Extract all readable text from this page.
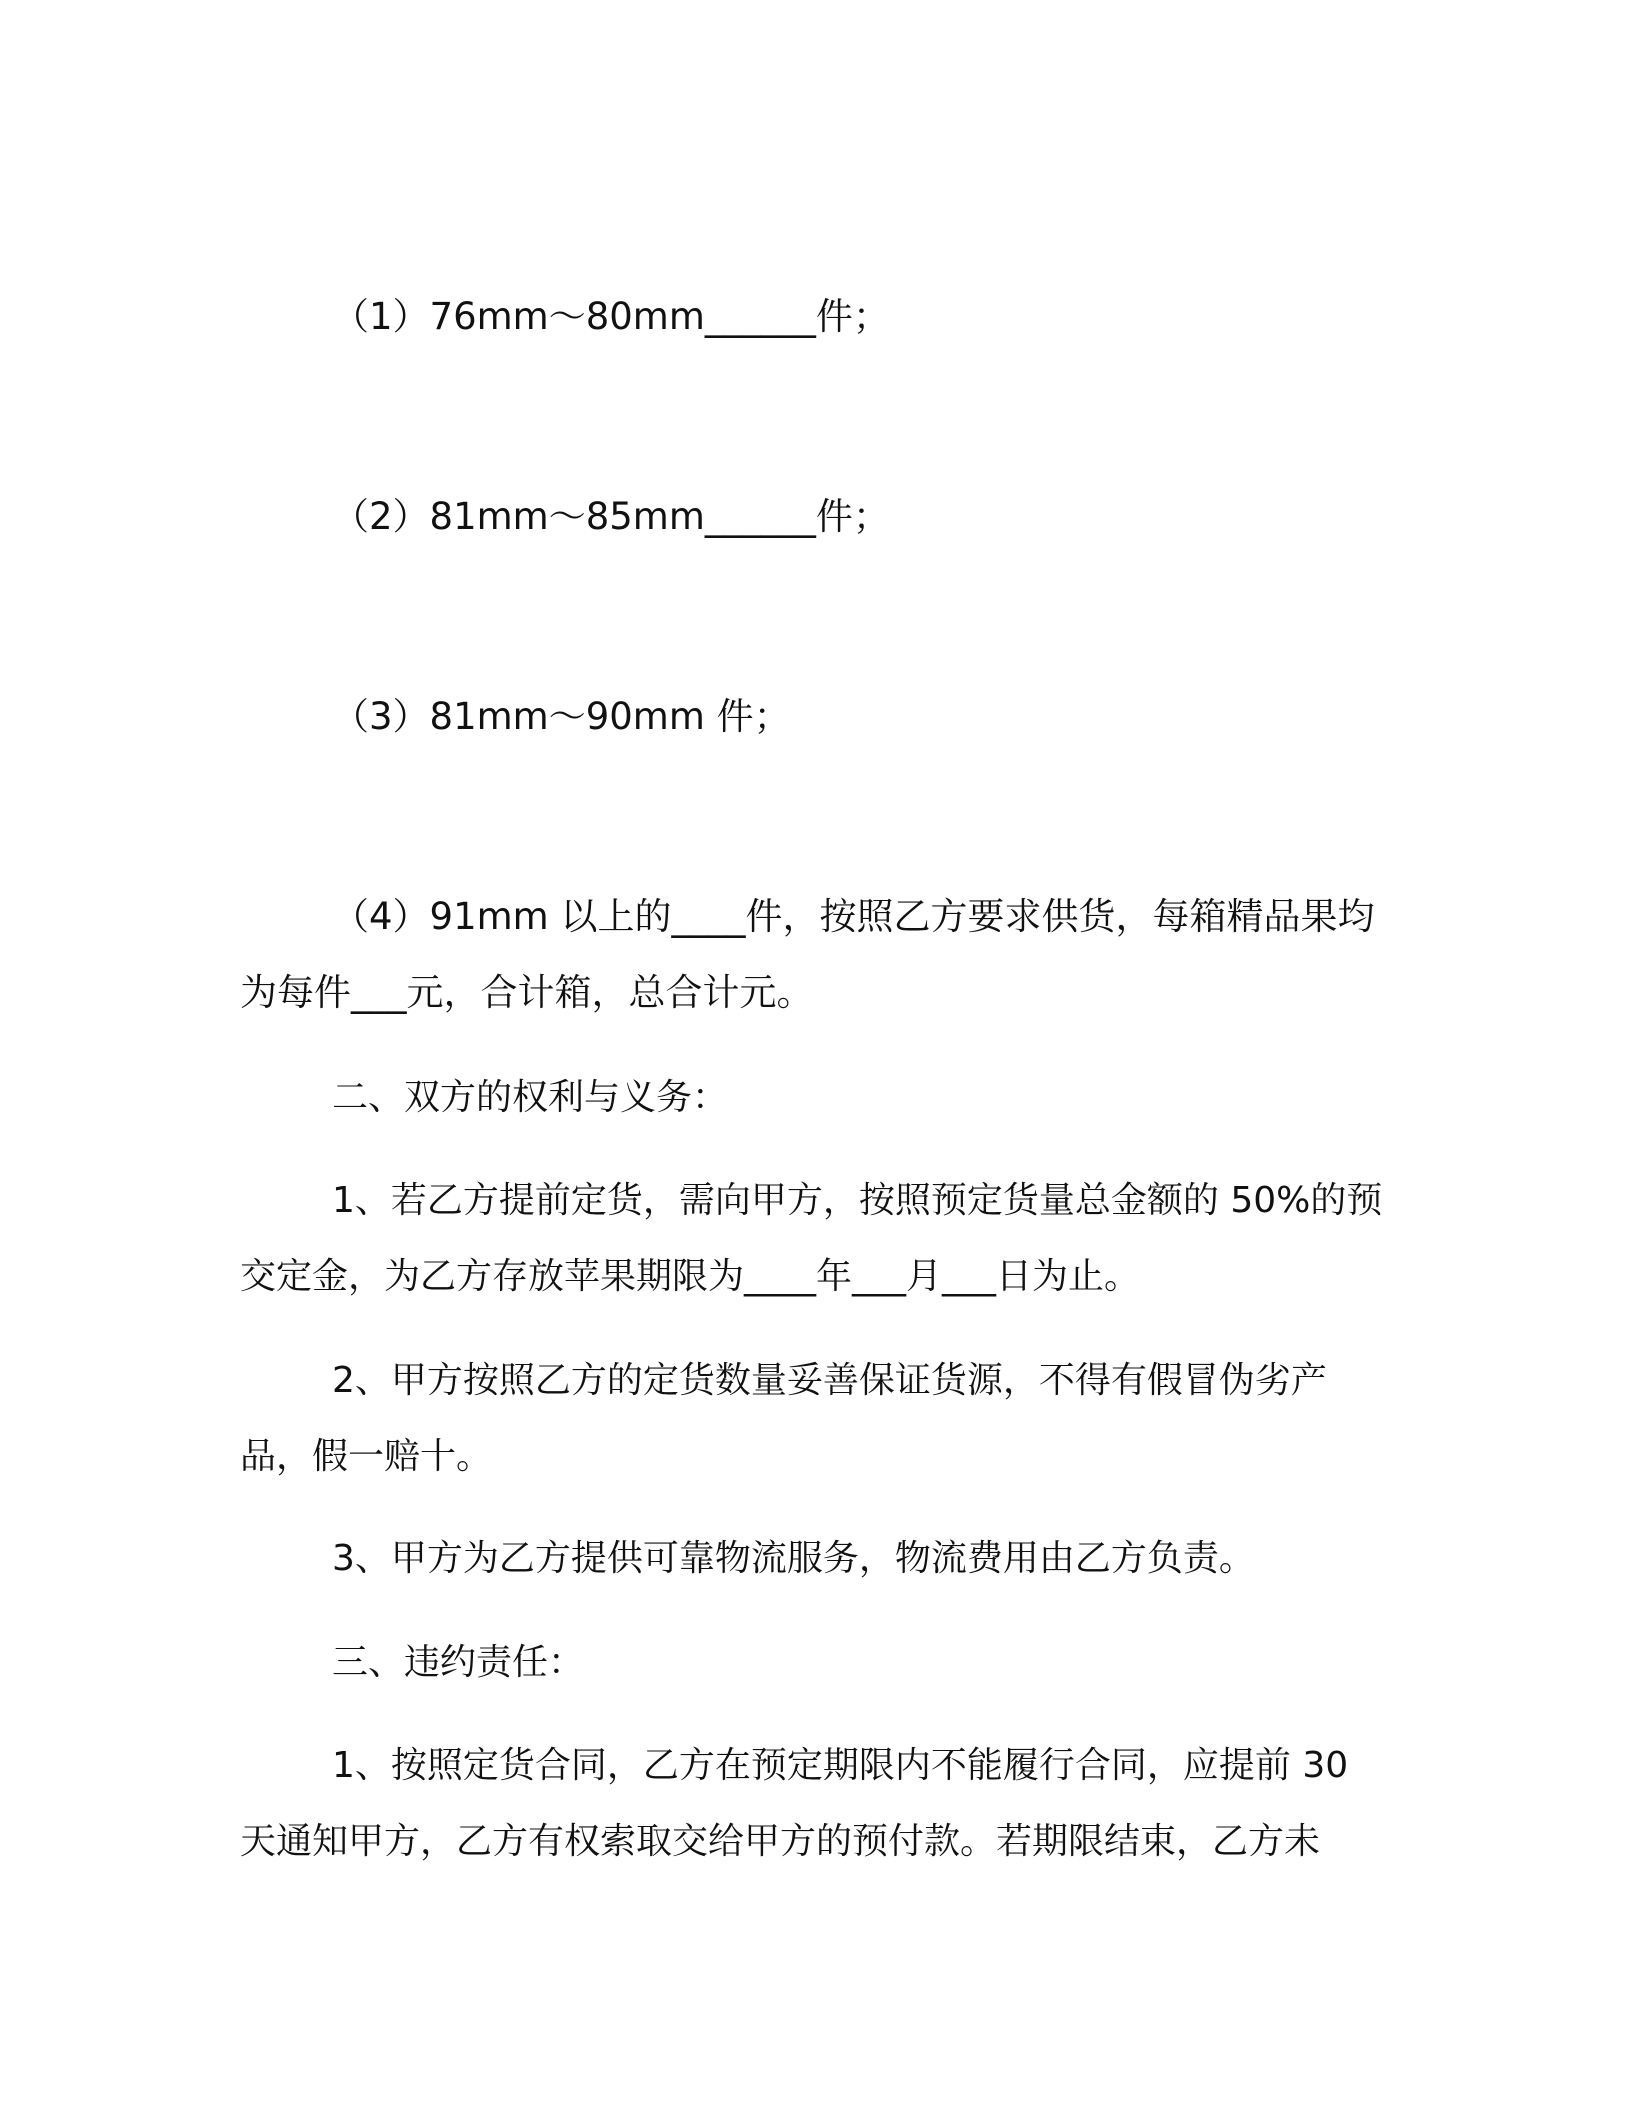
（1）76mm～80mm______件；

（2）81mm～85mm______件；

（3）81mm～90mm 件；

（4）91mm 以上的____件，按照乙方要求供货，每箱精品果均为每件___元，合计箱，总合计元。

二、双方的权利与义务：

1、若乙方提前定货，需向甲方，按照预定货量总金额的 50%的预交定金，为乙方存放苹果期限为____年___月___日为止。

2、甲方按照乙方的定货数量妥善保证货源，不得有假冒伪劣产品，假一赔十。

3、甲方为乙方提供可靠物流服务，物流费用由乙方负责。

三、违约责任：

1、按照定货合同，乙方在预定期限内不能履行合同，应提前 30 天通知甲方，乙方有权索取交给甲方的预付款。若期限结束，乙方未
